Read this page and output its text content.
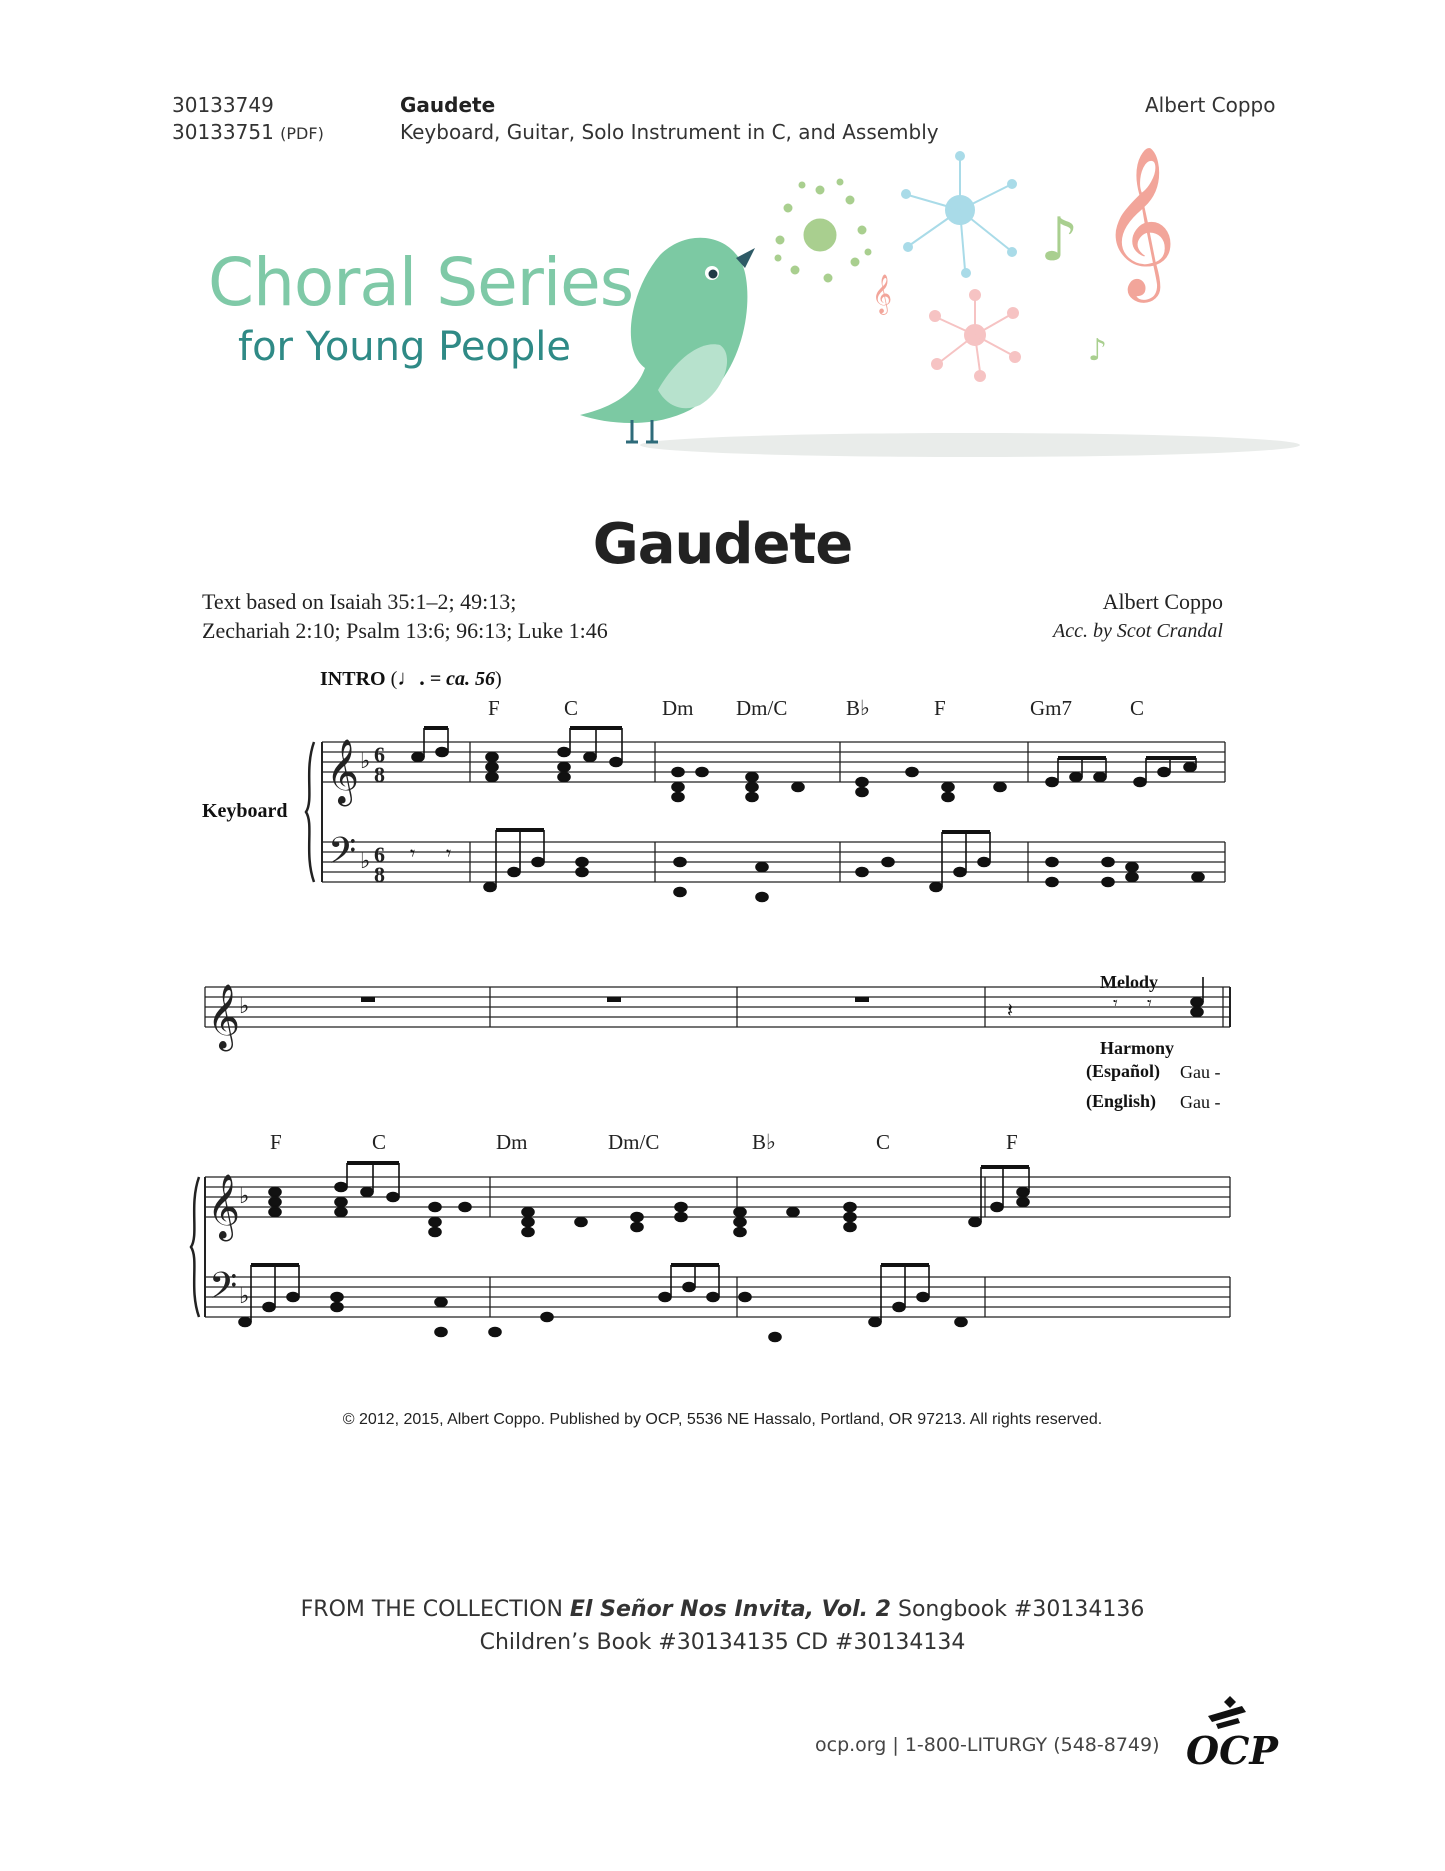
30133749
30133751 (PDF)
Gaudete
Keyboard, Guitar, Solo Instrument in C, and Assembly
Albert Coppo
Choral Series
for Young People
𝄞
♪ 𝄞
♪
Gaudete
Text based on Isaiah 35:1–2; 49:13;
Zechariah 2:10; Psalm 13:6; 96:13; Luke 1:46
Albert Coppo
Acc. by Scot Crandal
INTRO (♩. = ca. 56)
Keyboard
F	C	Dm Dm/C	B♭	F	Gm7	C
𝄞
𝄢
♭
♭
6
8
6
8
𝄾 𝄾
Melody
Harmony
(Español) Gau -
(English) Gau -
F	C	Dm	Dm/C	B♭	C	F
𝄞
♭
𝄞
♭
𝄢 ♭
𝄽	𝄾 𝄾
© 2012, 2015, Albert Coppo. Published by OCP, 5536 NE Hassalo, Portland, OR 97213. All rights reserved.
FROM THE COLLECTION El Señor Nos Invita, Vol. 2 Songbook #30134136
Children’s Book #30134135 CD #30134134
ocp.org | 1-800-LITURGY (548-8749) OCP
